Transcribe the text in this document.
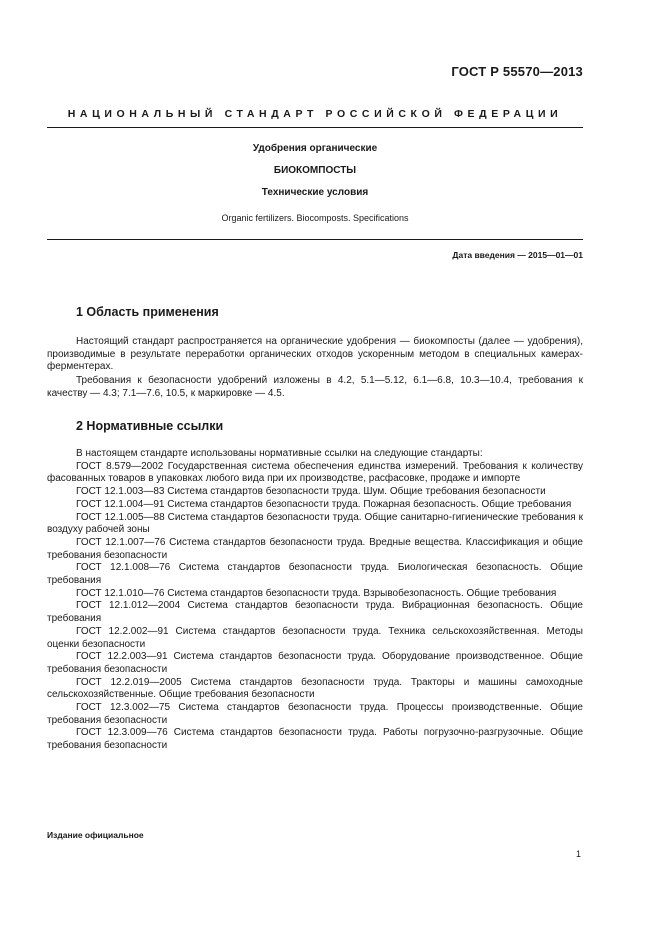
ГОСТ Р 55570—2013
НАЦИОНАЛЬНЫЙ СТАНДАРТ РОССИЙСКОЙ ФЕДЕРАЦИИ
Удобрения органические
БИОКОМПОСТЫ
Технические условия
Organic fertilizers. Biocomposts. Specifications
Дата введения — 2015—01—01
1 Область применения

Настоящий стандарт распространяется на органические удобрения — биокомпосты (далее — удобрения), производимые в результате переработки органических отходов ускоренным методом в специальных камерах-ферментерах.

Требования к безопасности удобрений изложены в 4.2, 5.1—5.12, 6.1—6.8, 10.3—10.4, требования к качеству — 4.3; 7.1—7.6, 10.5, к маркировке — 4.5.

2 Нормативные ссылки

В настоящем стандарте использованы нормативные ссылки на следующие стандарты:

ГОСТ 8.579—2002 Государственная система обеспечения единства измерений. Требования к количеству фасованных товаров в упаковках любого вида при их производстве, расфасовке, продаже и импорте

ГОСТ 12.1.003—83 Система стандартов безопасности труда. Шум. Общие требования безопасности

ГОСТ 12.1.004—91 Система стандартов безопасности труда. Пожарная безопасность. Общие требования

ГОСТ 12.1.005—88 Система стандартов безопасности труда. Общие санитарно-гигиенические требования к воздуху рабочей зоны

ГОСТ 12.1.007—76 Система стандартов безопасности труда. Вредные вещества. Классификация и общие требования безопасности

ГОСТ 12.1.008—76 Система стандартов безопасности труда. Биологическая безопасность. Общие требования

ГОСТ 12.1.010—76 Система стандартов безопасности труда. Взрывобезопасность. Общие требования

ГОСТ 12.1.012—2004 Система стандартов безопасности труда. Вибрационная безопасность. Общие требования

ГОСТ 12.2.002—91 Система стандартов безопасности труда. Техника сельскохозяйственная. Методы оценки безопасности

ГОСТ 12.2.003—91 Система стандартов безопасности труда. Оборудование производственное. Общие требования безопасности

ГОСТ 12.2.019—2005 Система стандартов безопасности труда. Тракторы и машины самоходные сельскохозяйственные. Общие требования безопасности

ГОСТ 12.3.002—75 Система стандартов безопасности труда. Процессы производственные. Общие требования безопасности

ГОСТ 12.3.009—76 Система стандартов безопасности труда. Работы погрузочно-разгрузочные. Общие требования безопасности

Издание официальное
1
